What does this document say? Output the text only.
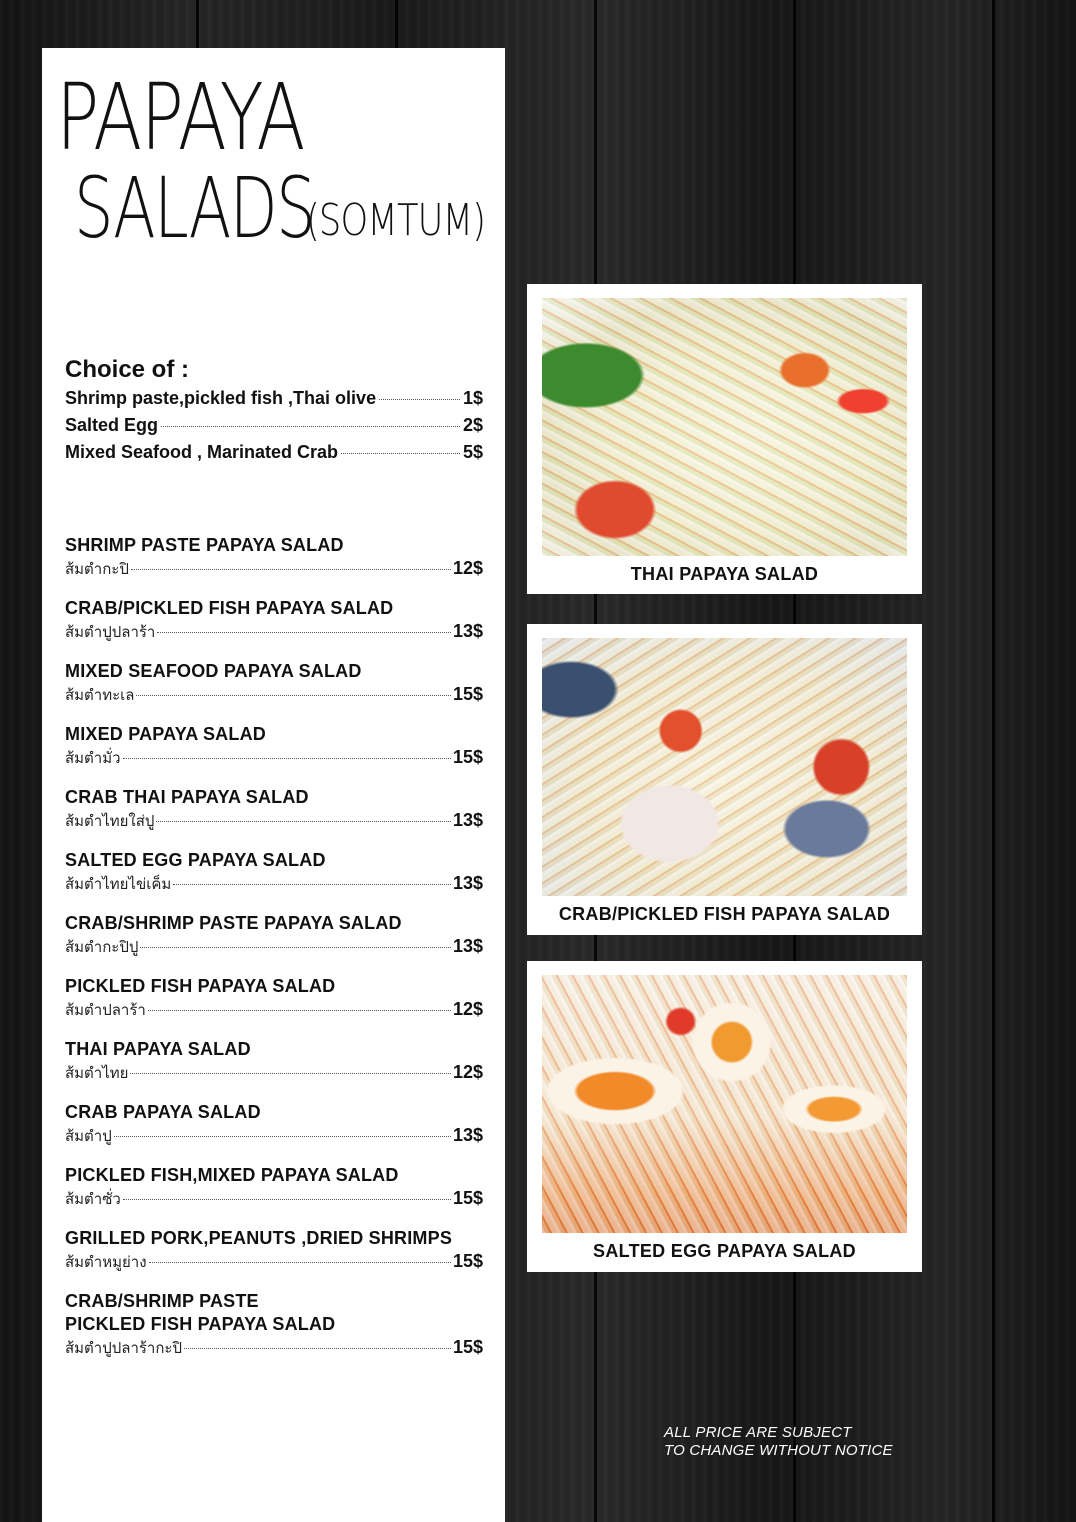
PAPAYA
SALADS(SOMTUM)
Choice of :
Shrimp paste,pickled fish ,Thai olive	1$
Salted Egg	2$
Mixed Seafood , Marinated Crab	5$
SHRIMP PASTE PAPAYA SALAD
ส้มตำกะปิ	12$
CRAB/PICKLED FISH PAPAYA SALAD
ส้มตำปูปลาร้า	13$
MIXED SEAFOOD PAPAYA SALAD
ส้มตำทะเล	15$
MIXED PAPAYA SALAD
ส้มตำมั่ว	15$
CRAB THAI PAPAYA SALAD
ส้มตำไทยใส่ปู	13$
SALTED EGG PAPAYA SALAD
ส้มตำไทยไข่เค็ม	13$
CRAB/SHRIMP PASTE PAPAYA SALAD
ส้มตำกะปิปู	13$
PICKLED FISH PAPAYA SALAD
ส้มตำปลาร้า	12$
THAI PAPAYA SALAD
ส้มตำไทย	12$
CRAB PAPAYA SALAD
ส้มตำปู	13$
PICKLED FISH,MIXED PAPAYA SALAD
ส้มตำซั่ว	15$
GRILLED PORK,PEANUTS ,DRIED SHRIMPS
ส้มตำหมูย่าง	15$
CRAB/SHRIMP PASTE
PICKLED FISH PAPAYA SALAD
ส้มตำปูปลาร้ากะปิ	15$
THAI PAPAYA SALAD
CRAB/PICKLED FISH PAPAYA SALAD
SALTED EGG PAPAYA SALAD
ALL PRICE ARE SUBJECT
TO CHANGE WITHOUT NOTICE
